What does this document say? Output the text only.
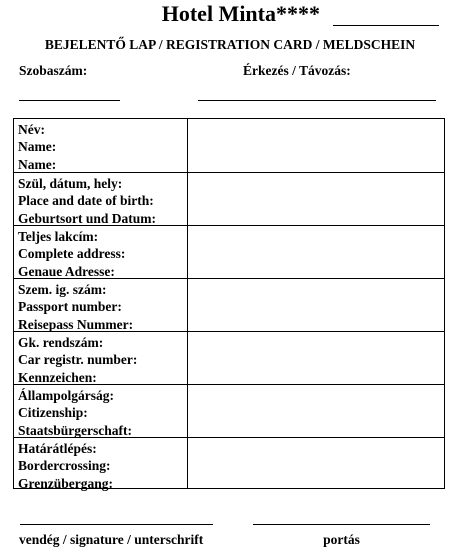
Hotel Minta****
BEJELENTŐ LAP / REGISTRATION CARD / MELDSCHEIN
Szobaszám:	Érkezés / Távozás:
Név:
Name:
Name:
Szül, dátum, hely:
Place and date of birth:
Geburtsort und Datum:
Teljes lakcím:
Complete address:
Genaue Adresse:
Szem. ig. szám:
Passport number:
Reisepass Nummer:
Gk. rendszám:
Car registr. number:
Kennzeichen:
Állampolgárság:
Citizenship:
Staatsbürgerschaft:
Határátlépés:
Bordercrossing:
Grenzübergang:
vendég / signature / unterschrift	portás
